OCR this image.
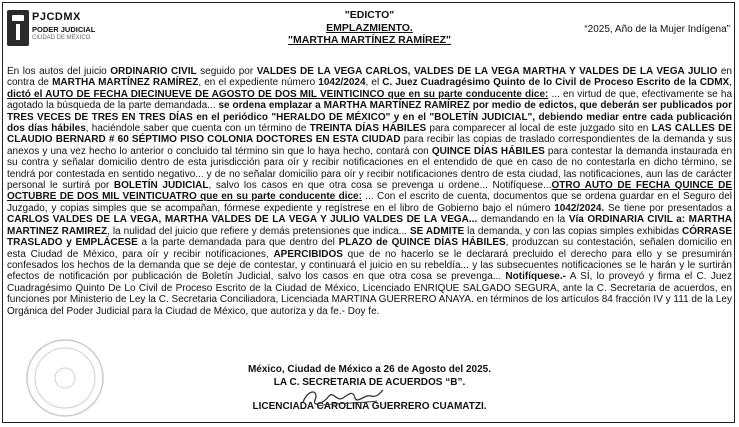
PJCDMX
PODER JUDICIAL
CIUDAD DE MÉXICO
"EDICTO"
EMPLAZMIENTO.
"MARTHA MARTÍNEZ RAMÍREZ"
“2025, Año de la Mujer Indígena”

En los autos del juicio ORDINARIO CIVIL seguido por VALDES DE LA VEGA CARLOS, VALDES DE LA VEGA MARTHA Y VALDES DE LA VEGA JULIO en contra de MARTHA MARTÍNEZ RAMÍREZ, en el expediente número 1042/2024, el C. Juez Cuadragésimo Quinto de lo Civil de Proceso Escrito de la CDMX, dictó el AUTO DE FECHA DIECINUEVE DE AGOSTO DE DOS MIL VEINTICINCO que en su parte conducente dice: ... en virtud de que, efectivamente se ha agotado la búsqueda de la parte demandada... se ordena emplazar a MARTHA MARTÍNEZ RAMÍREZ por medio de edictos, que deberán ser publicados por TRES VECES DE TRES EN TRES DÍAS en el periódico "HERALDO DE MÉXICO" y en el "BOLETÍN JUDICIAL", debiendo mediar entre cada publicación dos días hábiles, haciéndole saber que cuenta con un término de TREINTA DÍAS HÁBILES para comparecer al local de este juzgado sito en LAS CALLES DE CLAUDIO BERNARD # 60 SÉPTIMO PISO COLONIA DOCTORES EN ESTA CIUDAD para recibir las copias de traslado correspondientes de la demanda y sus anexos y una vez hecho lo anterior o concluido tal término sin que lo haya hecho, contará con QUINCE DÍAS HÁBILES para contestar la demanda instaurada en su contra y señalar domicilio dentro de esta jurisdicción para oír y recibir notificaciones en el entendido de que en caso de no contestarla en dicho término, se tendrá por contestada en sentido negativo... y de no señalar domicilio para oír y recibir notificaciones dentro de esta ciudad, las notificaciones, aun las de carácter personal le surtirá por BOLETÍN JUDICIAL, salvo los casos en que otra cosa se prevenga u ordene... Notifíquese...OTRO AUTO DE FECHA QUINCE DE OCTUBRE DE DOS MIL VEINTICUATRO que en su parte conducente dice: ... Con el escrito de cuenta, documentos que se ordena guardar en el Seguro del Juzgado, y copias simples que se acompañan, fórmese expediente y regístrese en el libro de Gobierno bajo el número 1042/2024. Se tiene por presentados a CARLOS VALDES DE LA VEGA, MARTHA VALDES DE LA VEGA Y JULIO VALDES DE LA VEGA... demandando en la Vía ORDINARIA CIVIL a: MARTHA MARTINEZ RAMIREZ, la nulidad del juicio que refiere y demás pretensiones que indica... SE ADMITE la demanda, y con las copias simples exhibidas CÓRRASE TRASLADO y EMPLÁCESE a la parte demandada para que dentro del PLAZO de QUINCE DÍAS HÁBILES, produzcan su contestación, señalen domicilio en esta Ciudad de México, para oír y recibir notificaciones, APERCIBIDOS que de no hacerlo se le declarará precluido el derecho para ello y se presumirán confesados los hechos de la demanda que se deje de contestar, y continuará el juicio en su rebeldía... y las subsecuentes notificaciones se le harán y le surtirán efectos de notificación por publicación de Boletín Judicial, salvo los casos en que otra cosa se prevenga... Notifíquese.- A SÍ, lo proveyó y firma el C. Juez Cuadragésimo Quinto De Lo Civil de Proceso Escrito de la Ciudad de México, Licenciado ENRIQUE SALGADO SEGURA, ante la C. Secretaria de acuerdos, en funciones por Ministerio de Ley la C. Secretaria Conciliadora, Licenciada MARTINA GUERRERO ANAYA. en términos de los artículos 84 fracción IV y 111 de la Ley Orgánica del Poder Judicial para la Ciudad de México, que autoriza y da fe.- Doy fe.

México, Ciudad de México a 26 de Agosto del 2025.
LA C. SECRETARIA DE ACUERDOS “B”.
LICENCIADA CAROLINA GUERRERO CUAMATZI.
